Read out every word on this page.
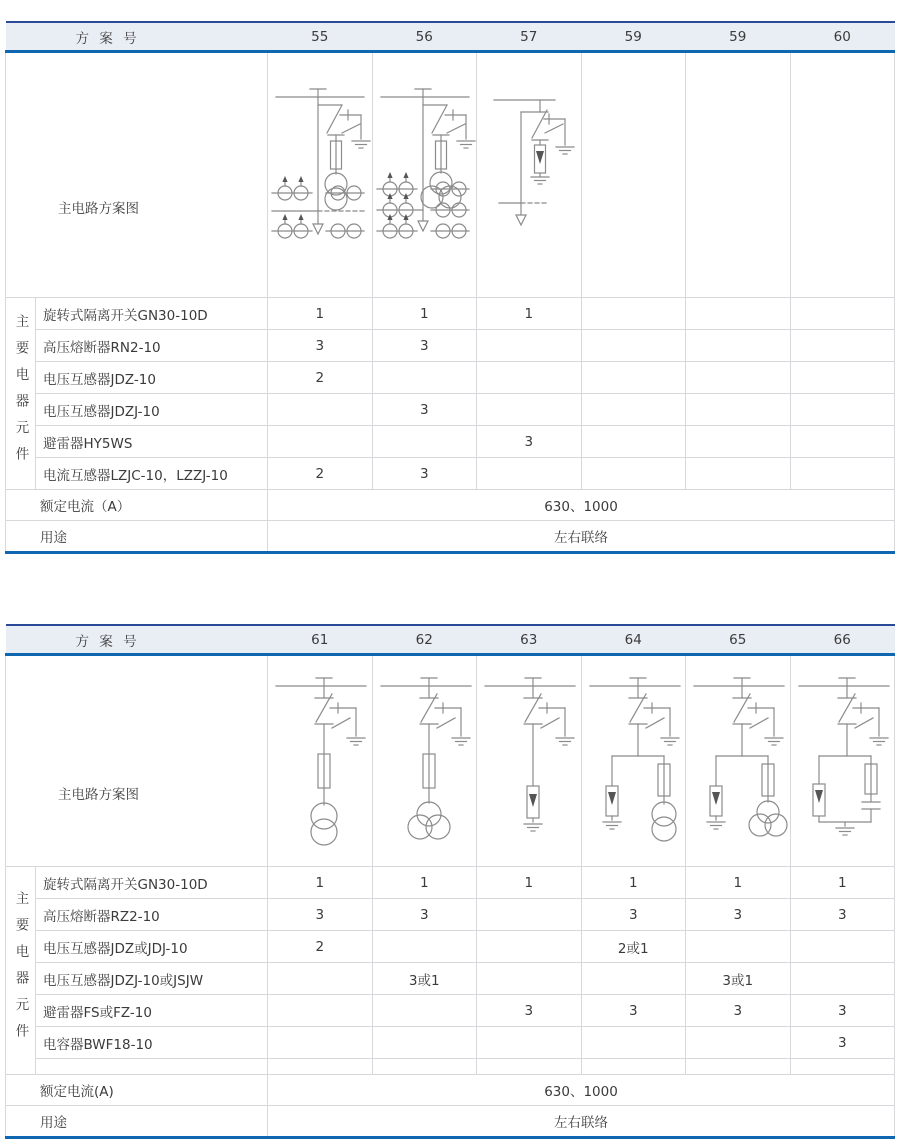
方 案 号		55	56	57	59	59	60
主电路方案图	

主要电器元件	旋转式隔离开关GN30-10D	1	1	1			
	高压熔断器RN2-10	3	3				
	电压互感器JDZ-10	2					
	电压互感器JDZJ-10		3				
	避雷器HY5WS			3			
	电流互感器LZJC-10，LZZJ-10	2	3				
额定电流（A）		630、1000					
用途		左右联络					
方 案 号		61	62	63	64	65	66
主电路方案图	

主要电器元件	旋转式隔离开关GN30-10D	1	1	1	1	1	1
	高压熔断器RZ2-10	3	3		3	3	3
	电压互感器JDZ或JDJ-10	2			2或1		
	电压互感器JDZJ-10或JSJW		3或1			3或1	
	避雷器FS或FZ-10			3	3	3	3
	电容器BWF18-10						3

额定电流(A)		630、1000					
用途		左右联络					
